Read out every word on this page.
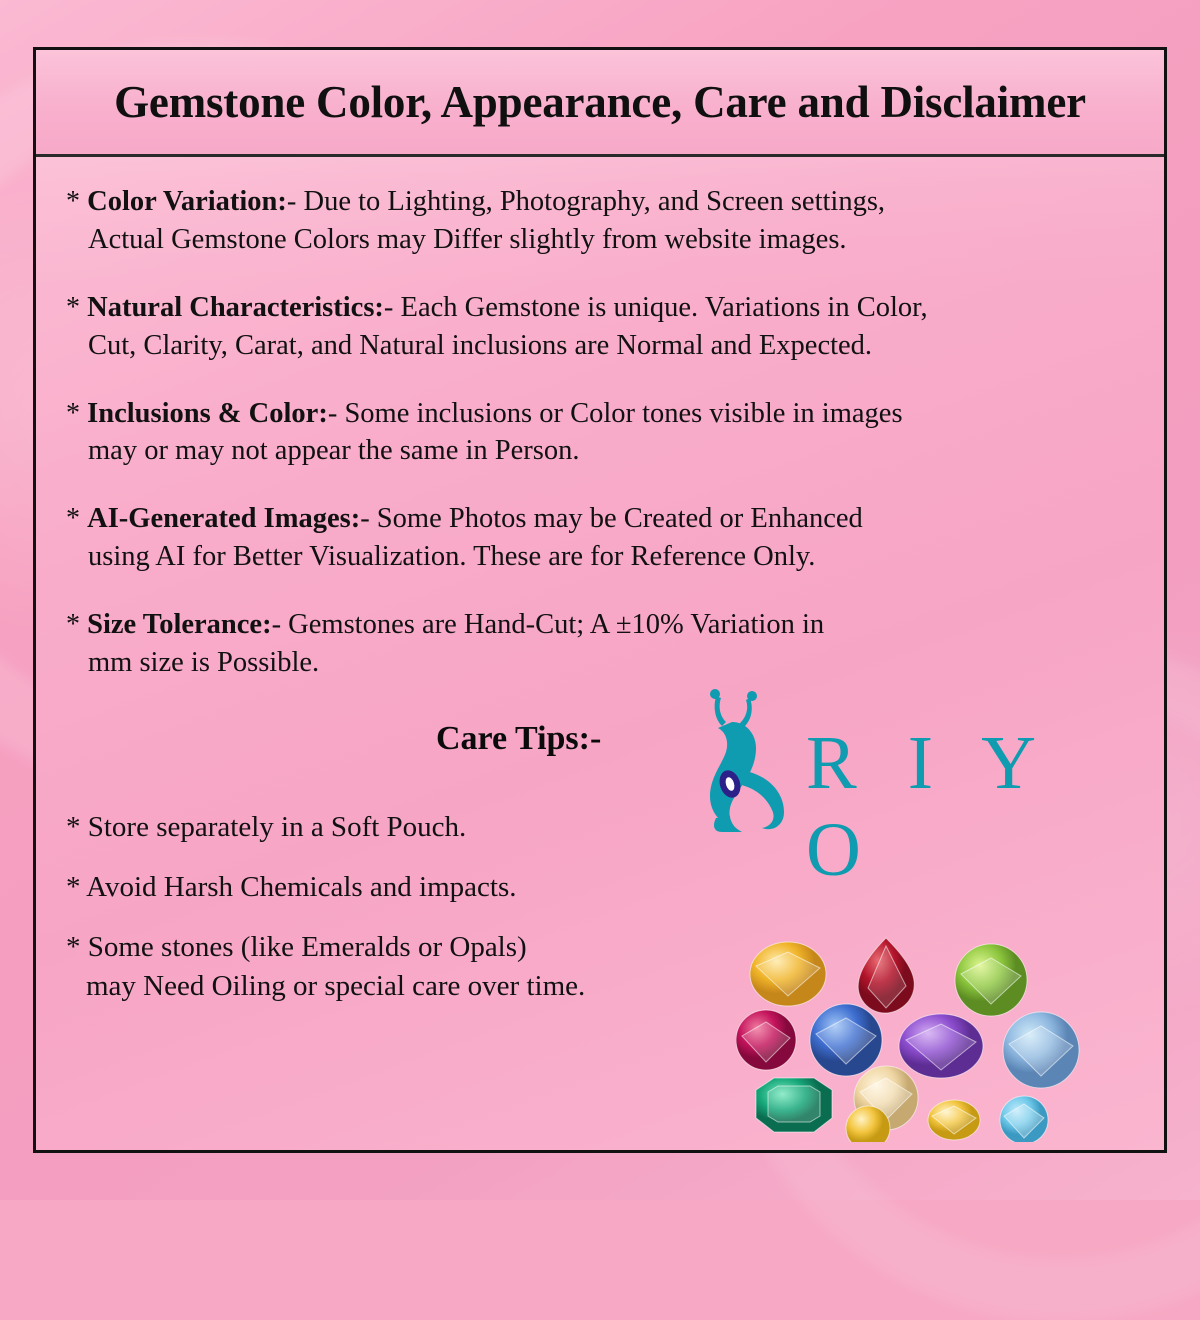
Gemstone Color, Appearance, Care and Disclaimer
* Color Variation:- Due to Lighting, Photography, and Screen settings,
Actual Gemstone Colors may Differ slightly from website images.
* Natural Characteristics:- Each Gemstone is unique. Variations in Color,
Cut, Clarity, Carat, and Natural inclusions are Normal and Expected.
* Inclusions & Color:- Some inclusions or Color tones visible in images
may or may not appear the same in Person.
* AI-Generated Images:- Some Photos may be Created or Enhanced
using AI for Better Visualization. These are for Reference Only.
* Size Tolerance:- Gemstones are Hand-Cut; A ±10% Variation in
mm size is Possible.
Care Tips:-	R I Y O
* Store separately in a Soft Pouch.
* Avoid Harsh Chemicals and impacts.
* Some stones (like Emeralds or Opals)
may Need Oiling or special care over time.
